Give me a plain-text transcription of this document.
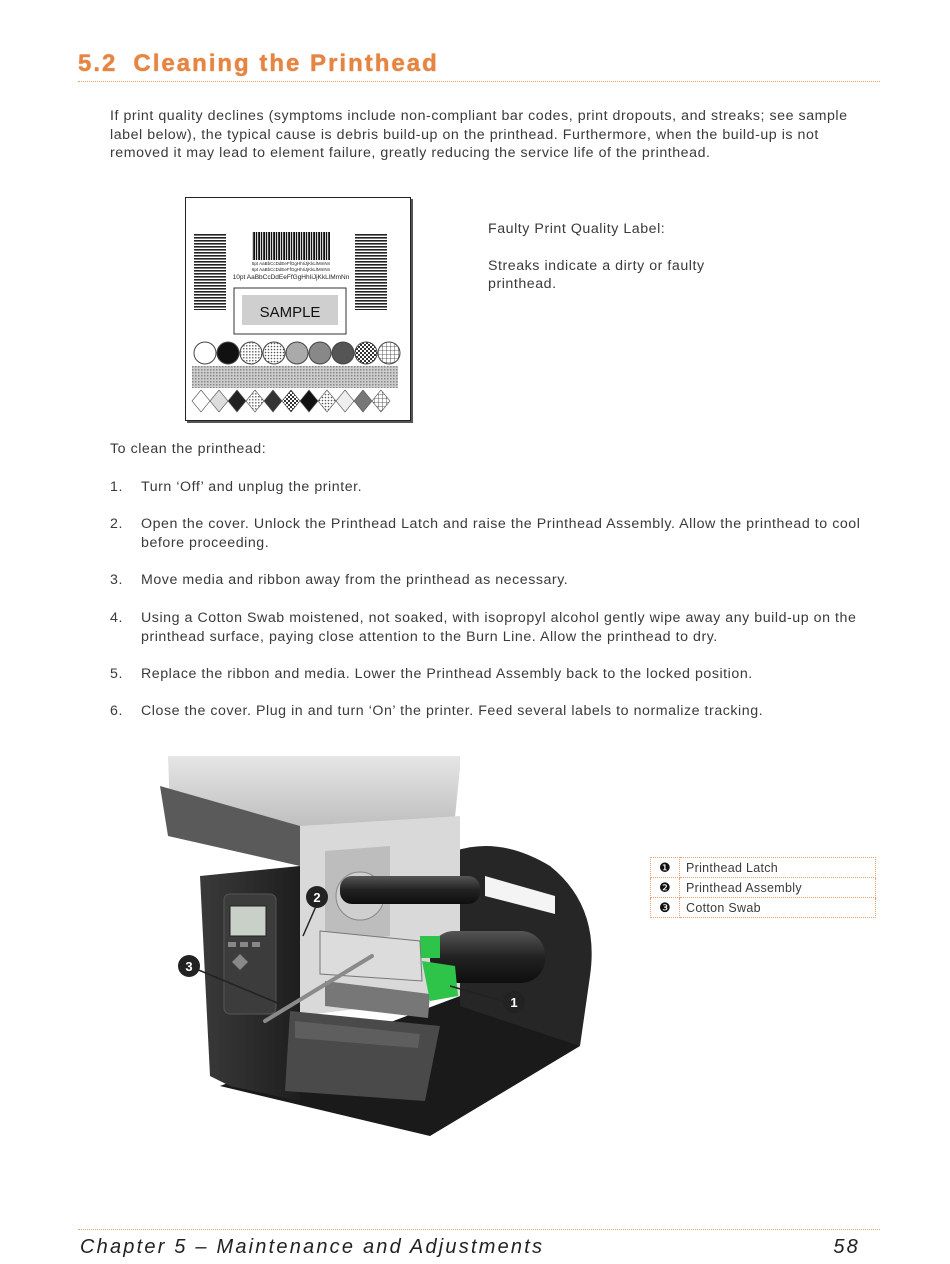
5.2 Cleaning the Printhead

If print quality declines (symptoms include non-compliant bar codes, print dropouts, and streaks; see sample label below), the typical cause is debris build-up on the printhead. Furthermore, when the build-up is not removed it may lead to element failure, greatly reducing the service life of the printhead.

5pt AaBbCcDdEeFfGgHhIiJjKkLlMmNn
6pt AaBbCcDdEeFfGgHhIiJjKkLlMmNn
10pt AaBbCcDdEeFfGgHhIiJjKkLlMmNn
SAMPLE

Faulty Print Quality Label:

Streaks indicate a dirty or faulty printhead.

To clean the printhead:

1. Turn ‘Off’ and unplug the printer.
2. Open the cover. Unlock the Printhead Latch and raise the Printhead Assembly. Allow the printhead to cool before proceeding.
3. Move media and ribbon away from the printhead as necessary.
4. Using a Cotton Swab moistened, not soaked, with isopropyl alcohol gently wipe away any build-up on the printhead surface, paying close attention to the Burn Line. Allow the printhead to dry.
5. Replace the ribbon and media. Lower the Printhead Assembly back to the locked position.
6. Close the cover. Plug in and turn ‘On’ the printer. Feed several labels to normalize tracking.
3
2
1
❶	Printhead Latch
❷	Printhead Assembly
❸	Cotton Swab
Chapter 5 – Maintenance and Adjustments	58
